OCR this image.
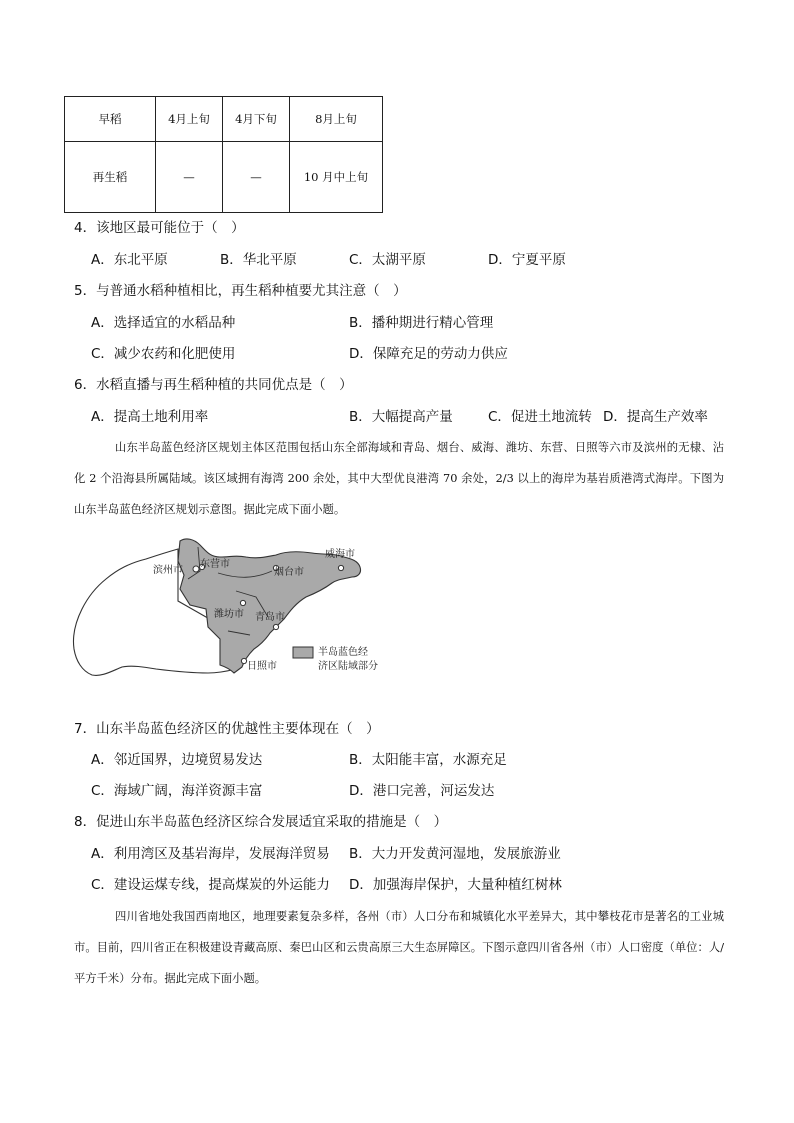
早稻	4月上旬	4月下旬	8月上旬
再生稻	—	—	10 月中上旬
4．该地区最可能位于（　）
A．东北平原	B．华北平原	C．太湖平原	D．宁夏平原
5．与普通水稻种植相比，再生稻种植要尤其注意（　）
A．选择适宜的水稻品种	B．播种期进行精心管理
C．减少农药和化肥使用	D．保障充足的劳动力供应
6．水稻直播与再生稻种植的共同优点是（　）
A．提高土地利用率	B．大幅提高产量	C．促进土地流转 D．提高生产效率
山东半岛蓝色经济区规划主体区范围包括山东全部海域和青岛、烟台、威海、潍坊、东营、日照等六市及滨州的无棣、沾化 2 个沿海县所属陆域。该区域拥有海湾 200 余处，其中大型优良港湾 70 余处，2/3 以上的海岸为基岩质港湾式海岸。下图为山东半岛蓝色经济区规划示意图。据此完成下面小题。
滨州市
东营市
烟台市
威海市
潍坊市 青岛市
日照市
半岛蓝色经
济区陆域部分
7．山东半岛蓝色经济区的优越性主要体现在（　）
A．邻近国界，边境贸易发达	B．太阳能丰富，水源充足
C．海域广阔，海洋资源丰富	D．港口完善，河运发达
8．促进山东半岛蓝色经济区综合发展适宜采取的措施是（　）
A．利用湾区及基岩海岸，发展海洋贸易 B．大力开发黄河湿地，发展旅游业
C．建设运煤专线，提高煤炭的外运能力 D．加强海岸保护，大量种植红树林
四川省地处我国西南地区，地理要素复杂多样，各州（市）人口分布和城镇化水平差异大，其中攀枝花市是著名的工业城市。目前，四川省正在积极建设青藏高原、秦巴山区和云贵高原三大生态屏障区。下图示意四川省各州（市）人口密度（单位：人/平方千米）分布。据此完成下面小题。
